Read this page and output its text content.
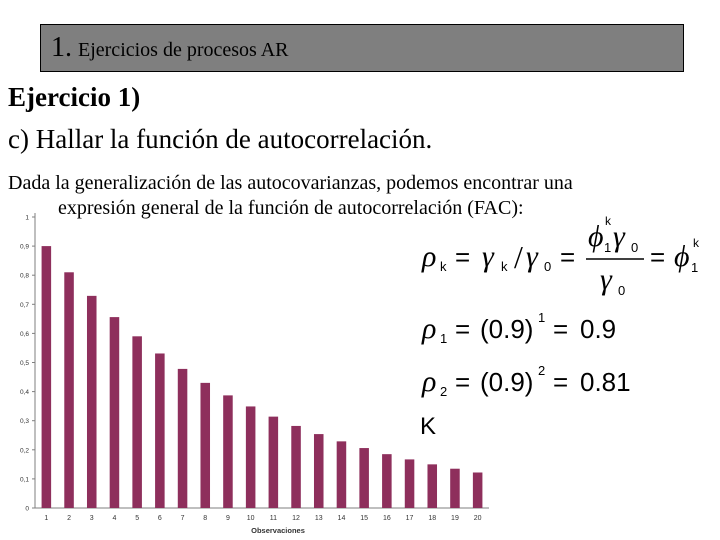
1. Ejercicios de procesos AR
Ejercicio 1)
c) Hallar la función de autocorrelación.
Dada la generalización de las autocovarianzas, podemos encontrar una
expresión general de la función de autocorrelación (FAC):
0
0,1
0,2
0,3
0,4
0,5
0,6
0,7
0,8
0,9
1
1	2	3	4	5	6	7	8	9 10 11 12 13 14 15 16 17 18 19 20
Observaciones
K
ρ k = γ k / γ 0 =
ϕ k
1 γ 0
γ 0
= ϕ k
1
ρ 1 = (0.9) 1 = 0.9
ρ 2 = (0.9) 2 = 0.81
